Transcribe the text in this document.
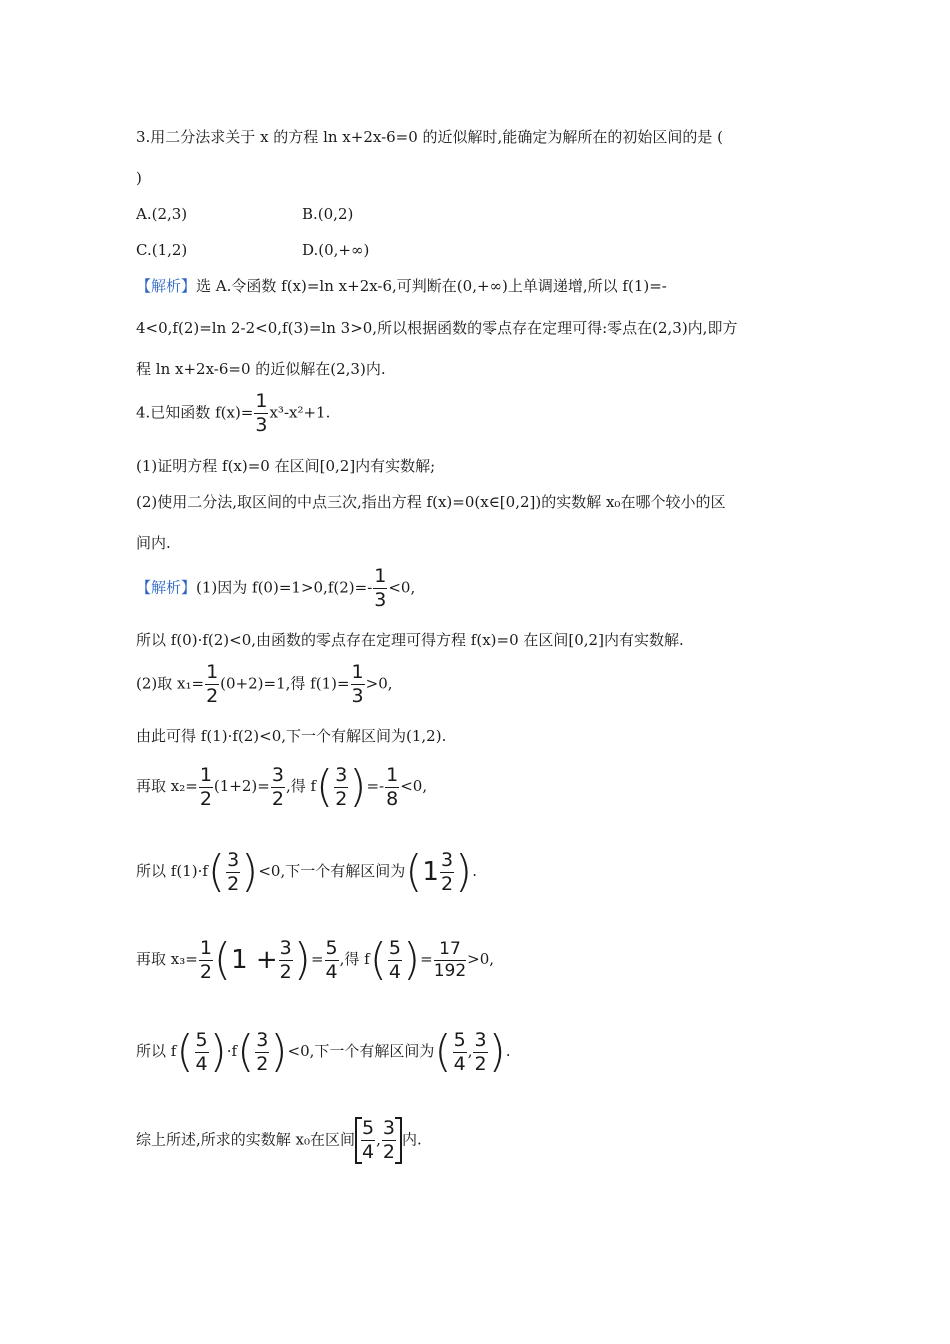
3.用二分法求关于 x 的方程 ln x+2x-6=0 的近似解时,能确定为解所在的初始区间的是 (
)
A.(2,3)	B.(0,2)
C.(1,2)	D.(0,+∞)
【解析】选 A.令函数 f(x)=ln x+2x-6,可判断在(0,+∞)上单调递增,所以 f(1)=-
4<0,f(2)=ln 2-2<0,f(3)=ln 3>0,所以根据函数的零点存在定理可得:零点在(2,3)内,即方
程 ln x+2x-6=0 的近似解在(2,3)内.
4.已知函数 $f(x)= \frac{1}{3} x^3-x^2+1$.
(1)证明方程 f(x)=0 在区间[0,2]内有实数解;
(2)使用二分法,取区间的中点三次,指出方程 f(x)=0(x∈[0,2])的实数解 x₀在哪个较小的区
间内.
【解析】(1)因为 $f(0)=1>0,f(2)=- \frac{1}{3} <0$,
所以 f(0)·f(2)<0,由函数的零点存在定理可得方程 f(x)=0 在区间[0,2]内有实数解.
(2)取 $x_1= \frac{1}{2} (0+2)=1$,得 $f(1)= \frac{1}{3} >0$,
由此可得 f(1)·f(2)<0,下一个有解区间为(1,2).
再取 $x_2= \frac{1}{2} (1+2)= \frac{3}{2}$ ,得 $f( \frac{3}{2}$ )=- $\frac{1}{8} <0$,
所以 $f(1)\cdot f( \frac{3}{2} )<0$,下一个有解区间为($1 \frac{3}{2}$ ).
再取 $x_3= \frac{1}{2} (1 + \frac{3}{2}$ )= $\frac{5}{4}$ ,得 $f( \frac{5}{4}$ )= $\frac{17}{192} >0$,
所以 $f( \frac{5}{4} )\cdot f( \frac{3}{2} )<0$,下一个有解区间为( $\frac{5}{4}$ , $\frac{3}{2}$ ).
综上所述,所求的实数解 x₀在区间 $\frac{5}{4}$ , $\frac{3}{2}$ 内.
